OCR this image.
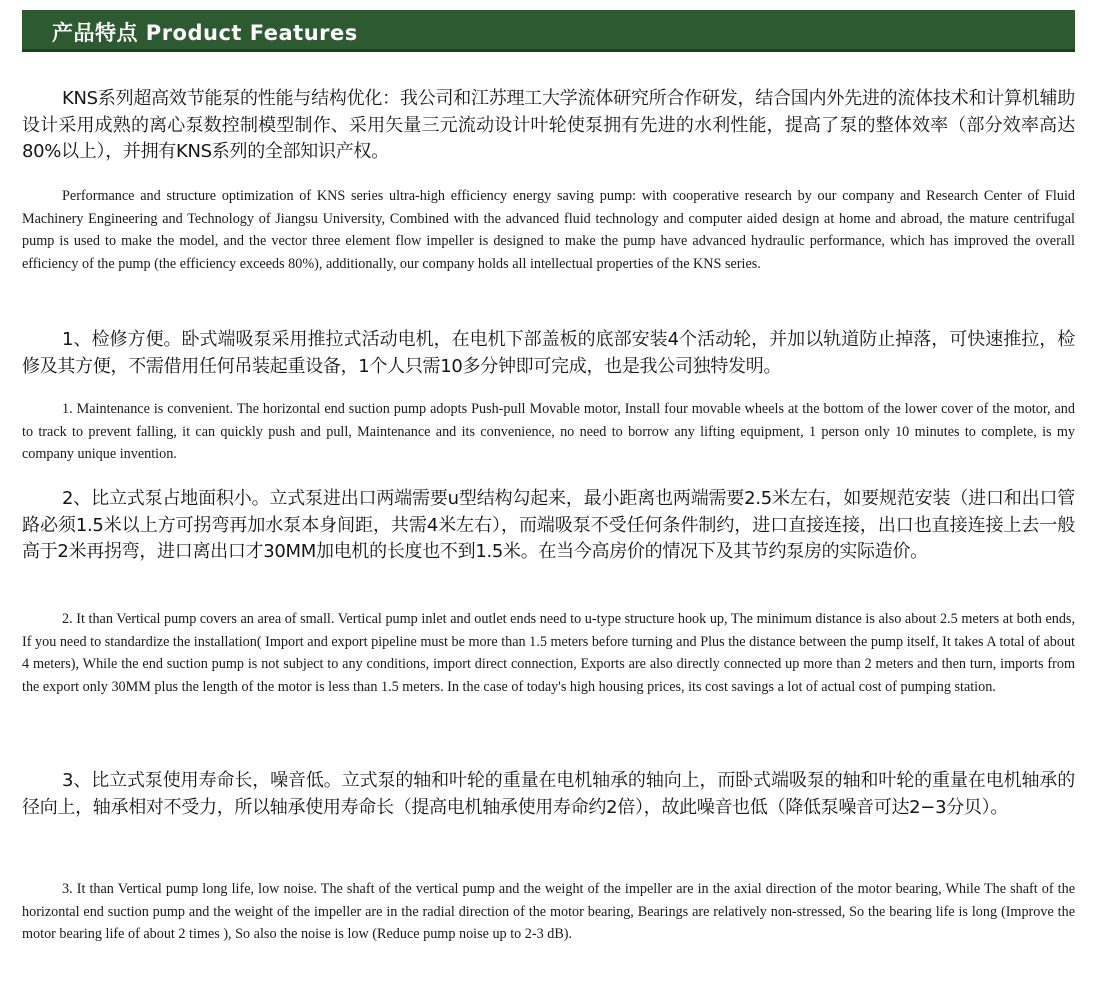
产品特点 Product Features

KNS系列超高效节能泵的性能与结构优化：我公司和江苏理工大学流体研究所合作研发，结合国内外先进的流体技术和计算机辅助设计采用成熟的离心泵数控制模型制作、采用矢量三元流动设计叶轮使泵拥有先进的水利性能，提高了泵的整体效率（部分效率高达80%以上），并拥有KNS系列的全部知识产权。

Performance and structure optimization of KNS series ultra-high efficiency energy saving pump: with cooperative research by our company and Research Center of Fluid Machinery Engineering and Technology of Jiangsu University, Combined with the advanced fluid technology and computer aided design at home and abroad, the mature centrifugal pump is used to make the model, and the vector three element flow impeller is designed to make the pump have advanced hydraulic performance, which has improved the overall efficiency of the pump (the efficiency exceeds 80%), additionally, our company holds all intellectual properties of the KNS series.

1、检修方便。卧式端吸泵采用推拉式活动电机，在电机下部盖板的底部安装4个活动轮，并加以轨道防止掉落，可快速推拉，检修及其方便，不需借用任何吊装起重设备，1个人只需10多分钟即可完成，也是我公司独特发明。

1. Maintenance is convenient. The horizontal end suction pump adopts Push-pull Movable motor, Install four movable wheels at the bottom of the lower cover of the motor, and to track to prevent falling, it can quickly push and pull, Maintenance and its convenience, no need to borrow any lifting equipment, 1 person only 10 minutes to complete, is my company unique invention.

2、比立式泵占地面积小。立式泵进出口两端需要u型结构勾起来，最小距离也两端需要2.5米左右，如要规范安装（进口和出口管路必须1.5米以上方可拐弯再加水泵本身间距，共需4米左右），而端吸泵不受任何条件制约，进口直接连接，出口也直接连接上去一般高于2米再拐弯，进口离出口才30MM加电机的长度也不到1.5米。在当今高房价的情况下及其节约泵房的实际造价。

2. It than Vertical pump covers an area of small. Vertical pump inlet and outlet ends need to u-type structure hook up, The minimum distance is also about 2.5 meters at both ends, If you need to standardize the installation( Import and export pipeline must be more than 1.5 meters before turning and Plus the distance between the pump itself, It takes A total of about 4 meters), While the end suction pump is not subject to any conditions, import direct connection, Exports are also directly connected up more than 2 meters and then turn, imports from the export only 30MM plus the length of the motor is less than 1.5 meters. In the case of today's high housing prices, its cost savings a lot of actual cost of pumping station.

3、比立式泵使用寿命长，噪音低。立式泵的轴和叶轮的重量在电机轴承的轴向上，而卧式端吸泵的轴和叶轮的重量在电机轴承的径向上，轴承相对不受力，所以轴承使用寿命长（提高电机轴承使用寿命约2倍），故此噪音也低（降低泵噪音可达2−3分贝）。

3. It than Vertical pump long life, low noise. The shaft of the vertical pump and the weight of the impeller are in the axial direction of the motor bearing, While The shaft of the horizontal end suction pump and the weight of the impeller are in the radial direction of the motor bearing, Bearings are relatively non-stressed, So the bearing life is long (Improve the motor bearing life of about 2 times ), So also the noise is low (Reduce pump noise up to 2-3 dB).
